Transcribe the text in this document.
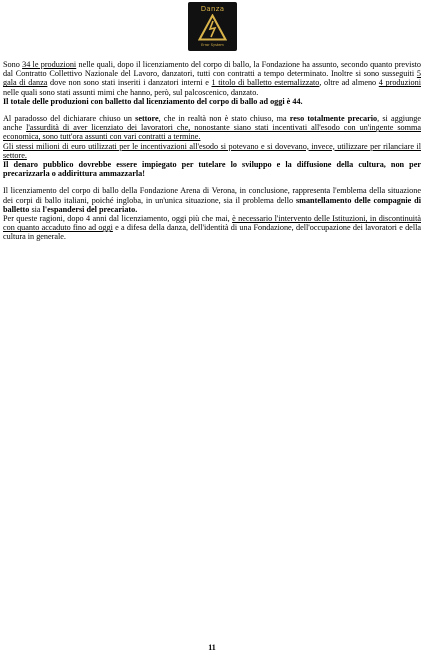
Danza
Error System

Sono 34 le produzioni nelle quali, dopo il licenziamento del corpo di ballo, la Fondazione ha assunto, secondo quanto previsto dal Contratto Collettivo Nazionale del Lavoro, danzatori, tutti con contratti a tempo determinato. Inoltre si sono susseguiti 5 gala di danza dove non sono stati inseriti i danzatori interni e 1 titolo di balletto esternalizzato, oltre ad almeno 4 produzioni nelle quali sono stati assunti mimi che hanno, però, sul palcoscenico, danzato.
Il totale delle produzioni con balletto dal licenziamento del corpo di ballo ad oggi è 44.

Al paradosso del dichiarare chiuso un settore, che in realtà non è stato chiuso, ma reso totalmente precario, si aggiunge anche l'assurdità di aver licenziato dei lavoratori che, nonostante siano stati incentivati all'esodo con un'ingente somma economica, sono tutt'ora assunti con vari contratti a termine.
Gli stessi milioni di euro utilizzati per le incentivazioni all'esodo si potevano e si dovevano, invece, utilizzare per rilanciare il settore.
Il denaro pubblico dovrebbe essere impiegato per tutelare lo sviluppo e la diffusione della cultura, non per precarizzarla o addirittura ammazzarla!

Il licenziamento del corpo di ballo della Fondazione Arena di Verona, in conclusione, rappresenta l'emblema della situazione dei corpi di ballo italiani, poiché ingloba, in un'unica situazione, sia il problema dello smantellamento delle compagnie di balletto sia l'espandersi del precariato.
Per queste ragioni, dopo 4 anni dal licenziamento, oggi più che mai, è necessario l'intervento delle Istituzioni, in discontinuità con quanto accaduto fino ad oggi e a difesa della danza, dell'identità di una Fondazione, dell'occupazione dei lavoratori e della cultura in generale.

11
